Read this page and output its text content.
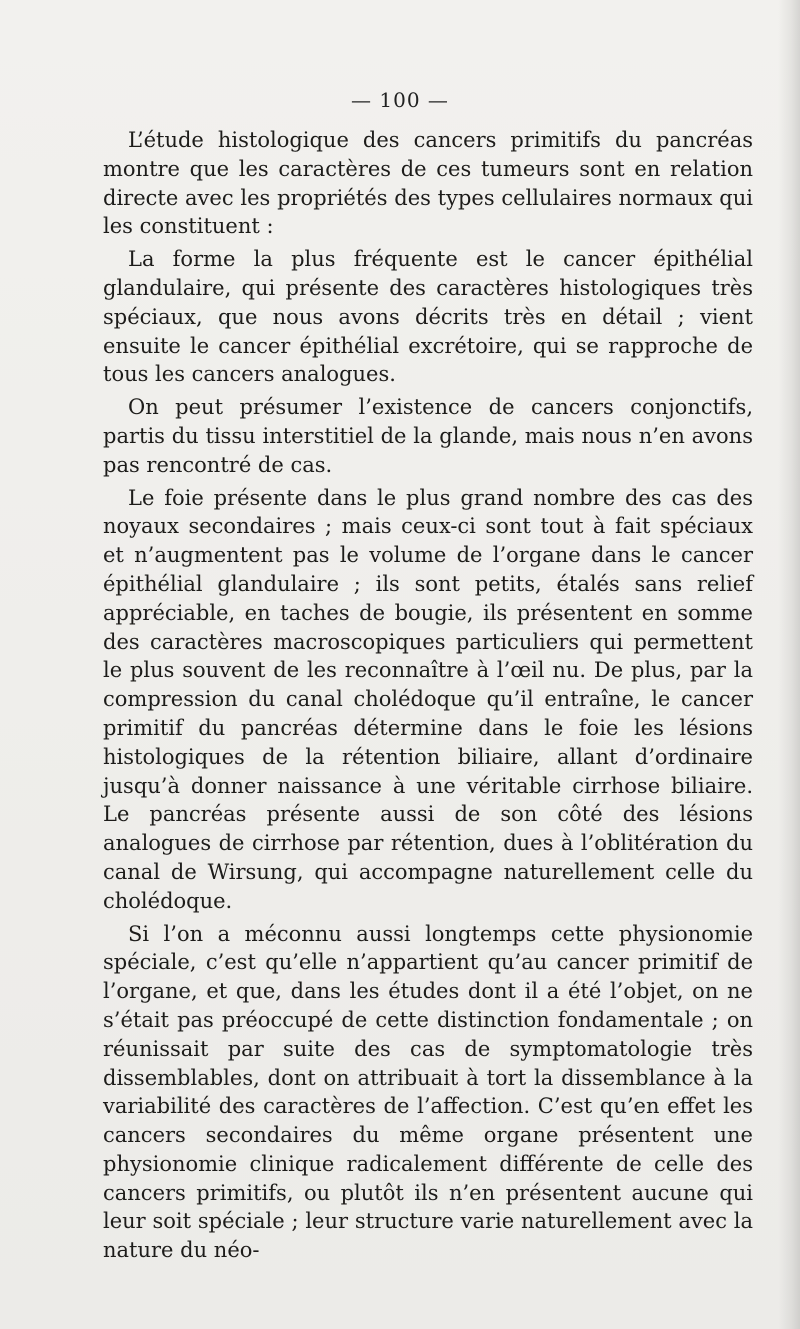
— 100 —

L’étude histologique des cancers primitifs du pancréas montre que les caractères de ces tumeurs sont en relation directe avec les propriétés des types cellulaires normaux qui les constituent :

La forme la plus fréquente est le cancer épithélial glandulaire, qui présente des caractères histologiques très spéciaux, que nous avons décrits très en détail ; vient ensuite le cancer épithélial excrétoire, qui se rapproche de tous les cancers analogues.

On peut présumer l’existence de cancers conjonctifs, partis du tissu interstitiel de la glande, mais nous n’en avons pas rencontré de cas.

Le foie présente dans le plus grand nombre des cas des noyaux secondaires ; mais ceux-ci sont tout à fait spéciaux et n’augmentent pas le volume de l’organe dans le cancer épithélial glandulaire ; ils sont petits, étalés sans relief appréciable, en taches de bougie, ils présentent en somme des caractères macroscopiques particuliers qui permettent le plus souvent de les reconnaître à l’œil nu. De plus, par la compression du canal cholédoque qu’il entraîne, le cancer primitif du pancréas détermine dans le foie les lésions histologiques de la rétention biliaire, allant d’ordinaire jusqu’à donner naissance à une véritable cirrhose biliaire. Le pancréas présente aussi de son côté des lésions analogues de cirrhose par rétention, dues à l’oblitération du canal de Wirsung, qui accompagne naturellement celle du cholédoque.

Si l’on a méconnu aussi longtemps cette physionomie spéciale, c’est qu’elle n’appartient qu’au cancer primitif de l’organe, et que, dans les études dont il a été l’objet, on ne s’était pas préoccupé de cette distinction fondamentale ; on réunissait par suite des cas de symptomatologie très dissemblables, dont on attribuait à tort la dissemblance à la variabilité des caractères de l’affection. C’est qu’en effet les cancers secondaires du même organe présentent une physionomie clinique radicalement différente de celle des cancers primitifs, ou plutôt ils n’en présentent aucune qui leur soit spéciale ; leur structure varie naturellement avec la nature du néo-
